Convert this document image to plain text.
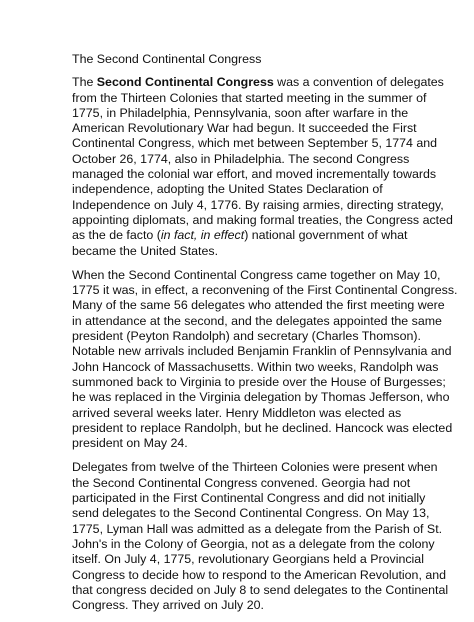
The Second Continental Congress
The Second Continental Congress was a convention of delegates
from the Thirteen Colonies that started meeting in the summer of
1775, in Philadelphia, Pennsylvania, soon after warfare in the
American Revolutionary War had begun. It succeeded the First
Continental Congress, which met between September 5, 1774 and
October 26, 1774, also in Philadelphia. The second Congress
managed the colonial war effort, and moved incrementally towards
independence, adopting the United States Declaration of
Independence on July 4, 1776. By raising armies, directing strategy,
appointing diplomats, and making formal treaties, the Congress acted
as the de facto (in fact, in effect) national government of what
became the United States.
When the Second Continental Congress came together on May 10,
1775 it was, in effect, a reconvening of the First Continental Congress.
Many of the same 56 delegates who attended the first meeting were
in attendance at the second, and the delegates appointed the same
president (Peyton Randolph) and secretary (Charles Thomson).
Notable new arrivals included Benjamin Franklin of Pennsylvania and
John Hancock of Massachusetts. Within two weeks, Randolph was
summoned back to Virginia to preside over the House of Burgesses;
he was replaced in the Virginia delegation by Thomas Jefferson, who
arrived several weeks later. Henry Middleton was elected as
president to replace Randolph, but he declined. Hancock was elected
president on May 24.
Delegates from twelve of the Thirteen Colonies were present when
the Second Continental Congress convened. Georgia had not
participated in the First Continental Congress and did not initially
send delegates to the Second Continental Congress. On May 13,
1775, Lyman Hall was admitted as a delegate from the Parish of St.
John's in the Colony of Georgia, not as a delegate from the colony
itself. On July 4, 1775, revolutionary Georgians held a Provincial
Congress to decide how to respond to the American Revolution, and
that congress decided on July 8 to send delegates to the Continental
Congress. They arrived on July 20.
